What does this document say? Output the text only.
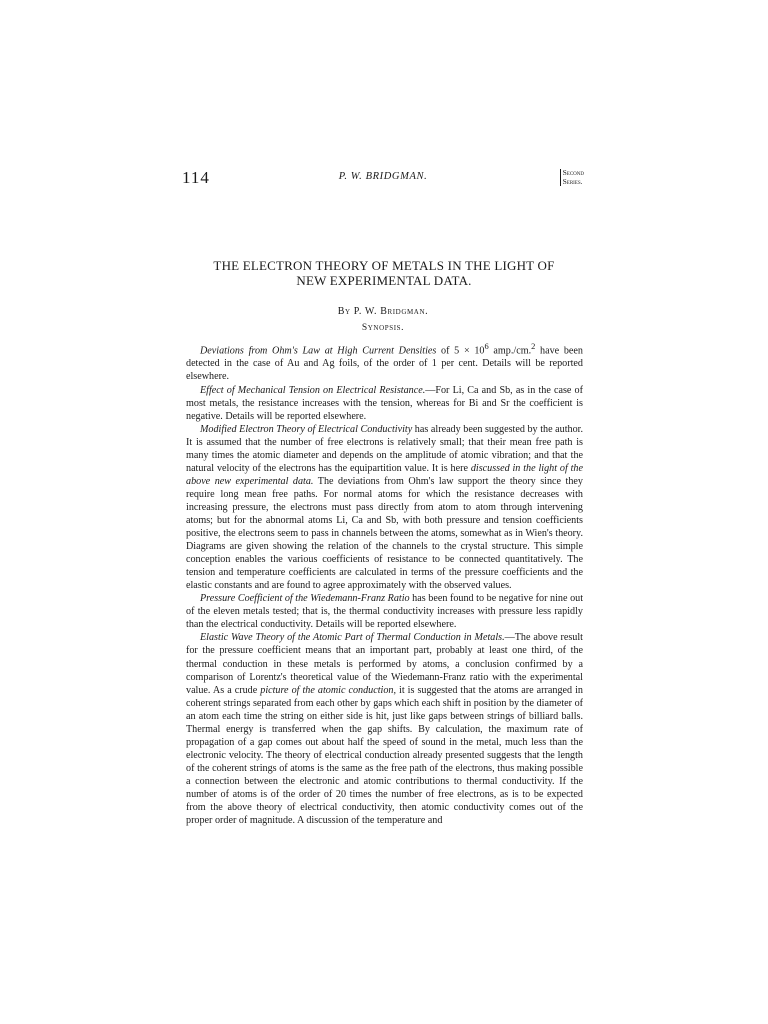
114	P. W. BRIDGMAN.	Second
Series.
THE ELECTRON THEORY OF METALS IN THE LIGHT OF
NEW EXPERIMENTAL DATA.
By P. W. Bridgman.
Synopsis.

Deviations from Ohm's Law at High Current Densities of $5 \times 10^6$ amp./cm.$^2$ have been detected in the case of Au and Ag foils, of the order of 1 per cent. Details will be reported elsewhere.

Effect of Mechanical Tension on Electrical Resistance.—For Li, Ca and Sb, as in the case of most metals, the resistance increases with the tension, whereas for Bi and Sr the coefficient is negative. Details will be reported elsewhere.

Modified Electron Theory of Electrical Conductivity has already been suggested by the author. It is assumed that the number of free electrons is relatively small; that their mean free path is many times the atomic diameter and depends on the amplitude of atomic vibration; and that the natural velocity of the electrons has the equipartition value. It is here discussed in the light of the above new experimental data. The deviations from Ohm's law support the theory since they require long mean free paths. For normal atoms for which the resistance decreases with increasing pressure, the electrons must pass directly from atom to atom through intervening atoms; but for the abnormal atoms Li, Ca and Sb, with both pressure and tension coefficients positive, the electrons seem to pass in channels between the atoms, somewhat as in Wien's theory. Diagrams are given showing the relation of the channels to the crystal structure. This simple conception enables the various coefficients of resistance to be connected quantitatively. The tension and temperature coefficients are calculated in terms of the pressure coefficients and the elastic constants and are found to agree approximately with the observed values.

Pressure Coefficient of the Wiedemann-Franz Ratio has been found to be negative for nine out of the eleven metals tested; that is, the thermal conductivity increases with pressure less rapidly than the electrical conductivity. Details will be reported elsewhere.

Elastic Wave Theory of the Atomic Part of Thermal Conduction in Metals.—The above result for the pressure coefficient means that an important part, probably at least one third, of the thermal conduction in these metals is performed by atoms, a conclusion confirmed by a comparison of Lorentz's theoretical value of the Wiedemann-Franz ratio with the experimental value. As a crude picture of the atomic conduction, it is suggested that the atoms are arranged in coherent strings separated from each other by gaps which each shift in position by the diameter of an atom each time the string on either side is hit, just like gaps between strings of billiard balls. Thermal energy is transferred when the gap shifts. By calculation, the maximum rate of propagation of a gap comes out about half the speed of sound in the metal, much less than the electronic velocity. The theory of electrical conduction already presented suggests that the length of the coherent strings of atoms is the same as the free path of the electrons, thus making possible a connection between the electronic and atomic contributions to thermal conductivity. If the number of atoms is of the order of 20 times the number of free electrons, as is to be expected from the above theory of electrical conductivity, then atomic conductivity comes out of the proper order of magnitude. A discussion of the temperature and
